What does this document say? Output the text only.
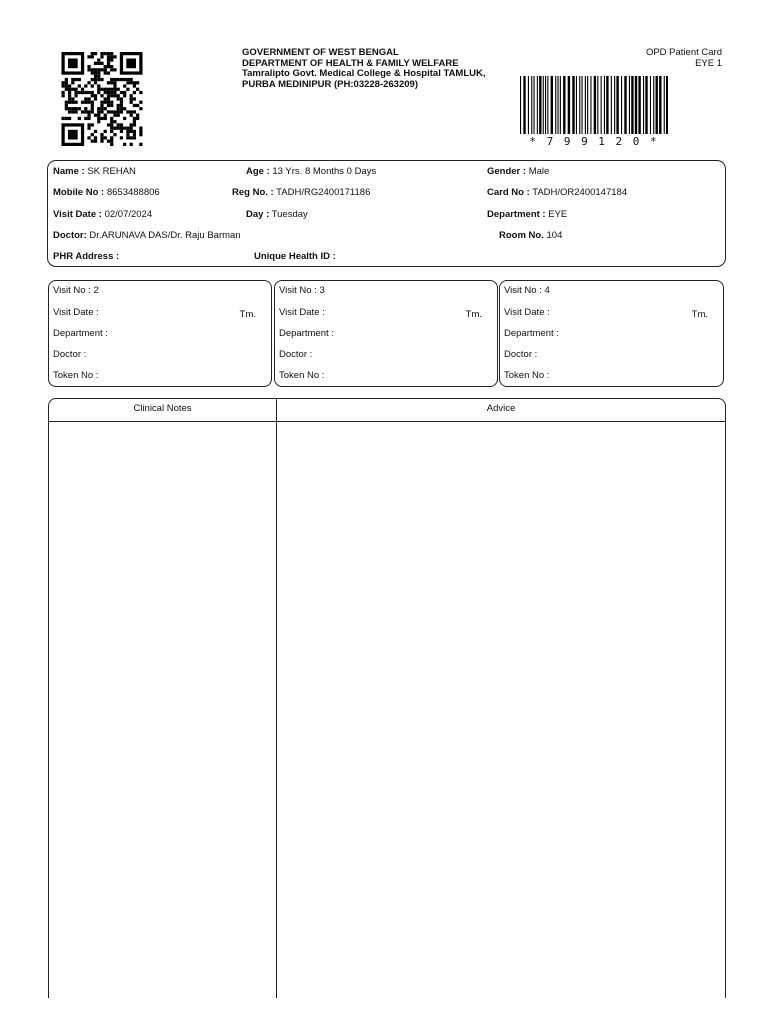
GOVERNMENT OF WEST BENGAL
DEPARTMENT OF HEALTH & FAMILY WELFARE
Tamralipto Govt. Medical College & Hospital TAMLUK,
PURBA MEDINIPUR (PH:03228-263209)
OPD Patient Card
EYE 1
* 7 9 9 1 2 0 *
Name : SK REHAN	Age : 13 Yrs. 8 Months 0 Days	Gender : Male
Mobile No : 8653488806	Reg No. : TADH/RG2400171186	Card No : TADH/OR2400147184
Visit Date : 02/07/2024	Day : Tuesday	Department : EYE
Doctor: Dr.ARUNAVA DAS/Dr. Raju Barman	Room No. 104
PHR Address :	Unique Health ID :
Visit No : 2
Visit Date :	Tm.
Department :
Doctor :
Token No :
Visit No : 3
Visit Date :	Tm.
Department :
Doctor :
Token No :
Visit No : 4
Visit Date :	Tm.
Department :
Doctor :
Token No :
Clinical Notes	Advice
